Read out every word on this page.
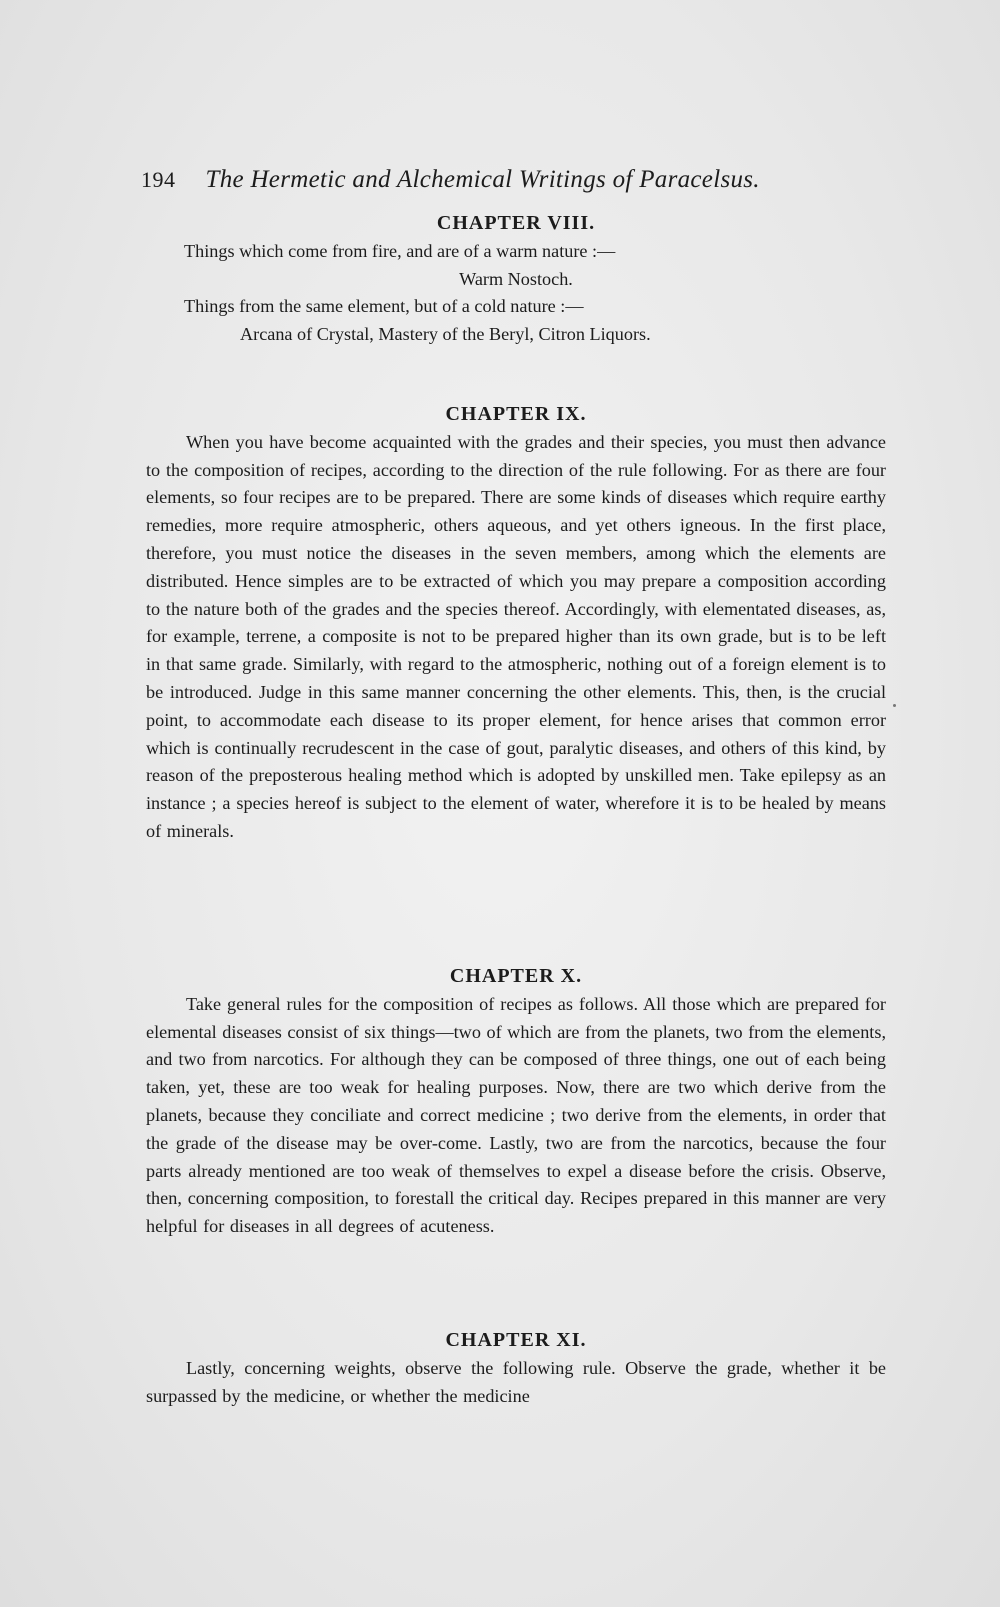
194 The Hermetic and Alchemical Writings of Paracelsus.
CHAPTER VIII.

Things which come from fire, and are of a warm nature :—

Warm Nostoch.

Things from the same element, but of a cold nature :—

Arcana of Crystal, Mastery of the Beryl, Citron Liquors.

CHAPTER IX.

When you have become acquainted with the grades and their species, you must then advance to the composition of recipes, according to the direction of the rule following. For as there are four elements, so four recipes are to be prepared. There are some kinds of diseases which require earthy remedies, more require atmospheric, others aqueous, and yet others igneous. In the first place, therefore, you must notice the diseases in the seven members, among which the elements are distributed. Hence simples are to be extracted of which you may prepare a composition according to the nature both of the grades and the species thereof. Accordingly, with elementated diseases, as, for example, terrene, a composite is not to be prepared higher than its own grade, but is to be left in that same grade. Similarly, with regard to the atmospheric, nothing out of a foreign element is to be introduced. Judge in this same manner concerning the other elements. This, then, is the crucial point, to accommodate each disease to its proper element, for hence arises that common error which is continually recrudescent in the case of gout, paralytic diseases, and others of this kind, by reason of the preposterous healing method which is adopted by unskilled men. Take epilepsy as an instance ; a species hereof is subject to the element of water, wherefore it is to be healed by means of minerals.

CHAPTER X.

Take general rules for the composition of recipes as follows. All those which are prepared for elemental diseases consist of six things—two of which are from the planets, two from the elements, and two from narcotics. For although they can be composed of three things, one out of each being taken, yet, these are too weak for healing purposes. Now, there are two which derive from the planets, because they conciliate and correct medicine ; two derive from the elements, in order that the grade of the disease may be over-come. Lastly, two are from the narcotics, because the four parts already mentioned are too weak of themselves to expel a disease before the crisis. Observe, then, concerning composition, to forestall the critical day. Recipes prepared in this manner are very helpful for diseases in all degrees of acuteness.

CHAPTER XI.

Lastly, concerning weights, observe the following rule. Observe the grade, whether it be surpassed by the medicine, or whether the medicine
